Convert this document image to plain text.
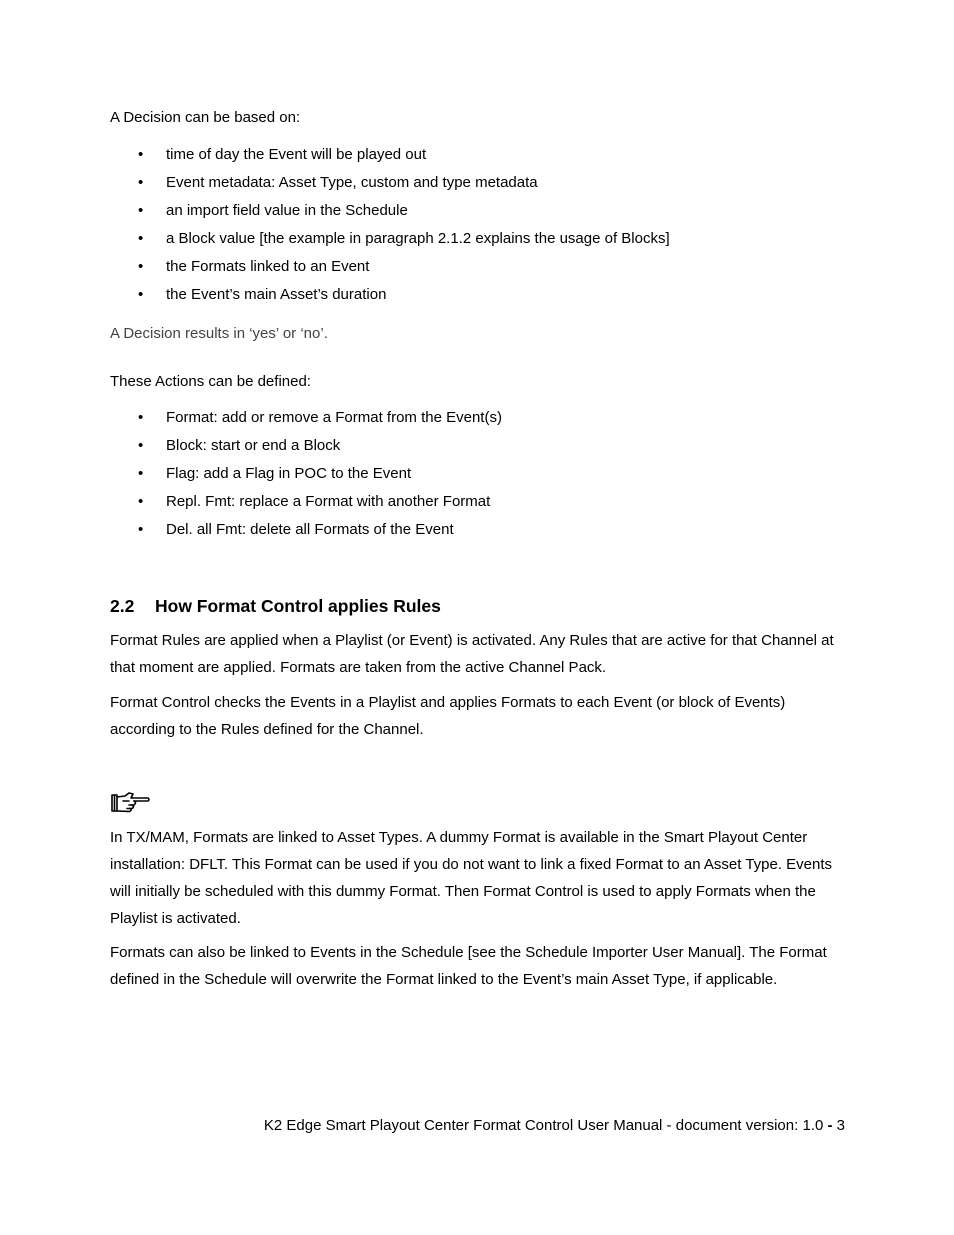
A Decision can be based on:

• time of day the Event will be played out
• Event metadata: Asset Type, custom and type metadata
• an import field value in the Schedule
• a Block value [the example in paragraph 2.1.2 explains the usage of Blocks]
• the Formats linked to an Event
• the Event’s main Asset’s duration

A Decision results in ‘yes’ or ‘no’.

These Actions can be defined:

• Format: add or remove a Format from the Event(s)
• Block: start or end a Block
• Flag: add a Flag in POC to the Event
• Repl. Fmt: replace a Format with another Format
• Del. all Fmt: delete all Formats of the Event
2.2 How Format Control applies Rules

Format Rules are applied when a Playlist (or Event) is activated. Any Rules that are active for that Channel at that moment are applied. Formats are taken from the active Channel Pack.

Format Control checks the Events in a Playlist and applies Formats to each Event (or block of Events) according to the Rules defined for the Channel.

In TX/MAM, Formats are linked to Asset Types. A dummy Format is available in the Smart Playout Center installation: DFLT. This Format can be used if you do not want to link a fixed Format to an Asset Type. Events will initially be scheduled with this dummy Format. Then Format Control is used to apply Formats when the Playlist is activated.

Formats can also be linked to Events in the Schedule [see the Schedule Importer User Manual]. The Format defined in the Schedule will overwrite the Format linked to the Event’s main Asset Type, if applicable.

K2 Edge Smart Playout Center Format Control User Manual - document version: 1.0 - 3
